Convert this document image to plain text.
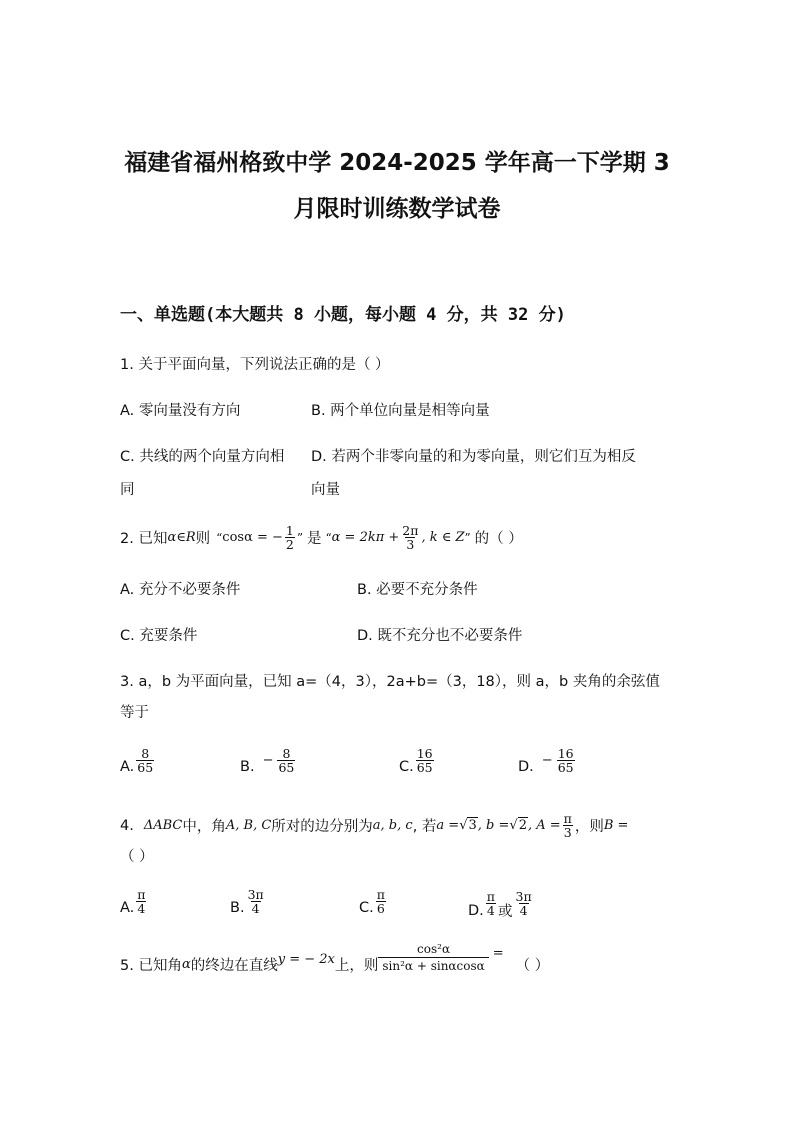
福建省福州格致中学 2024-2025 学年高一下学期 3
月限时训练数学试卷
一、单选题(本大题共 8 小题，每小题 4 分，共 32 分)
1. 关于平面向量，下列说法正确的是（ ）
A. 零向量没有方向	B. 两个单位向量是相等向量
C. 共线的两个向量方向相
同
D. 若两个非零向量的和为零向量，则它们互为相反
向量
2. 已知 α∈R 则 “ cosα = − $\frac{1}{2}$ ” 是 “ $\alpha = 2k\pi + \frac{2\pi}{3}$ , k ∈ Z ” 的（ ）
A. 充分不必要条件	B. 必要不充分条件
C. 充要条件	D. 既不充分也不必要条件
3. a，b 为平面向量，已知 a=（4，3），2a+b=（3，18），则 a，b 夹角的余弦值
等于
A. $\frac{8}{65}$	B. − $\frac{8}{65}$	C. $\frac{16}{65}$	D. − $\frac{16}{65}$
4. ΔABC 中，角 A, B, C 所对的边分别为 a, b, c , 若 a = √3 , b = √2 , $A = \frac{\pi}{3}$ ，则 B =
（ ）
A. $\frac{\pi}{4}$	B. $\frac{3\pi}{4}$	C. $\frac{\pi}{6}$	D. $\frac{\pi}{4}$ 或 $\frac{3\pi}{4}$
5. 已知角 α 的终边在直线 y = − 2x 上，则 $\frac{\text{cos²α}}{\text{sin²α + sinαcosα}}$ =
（ ）
